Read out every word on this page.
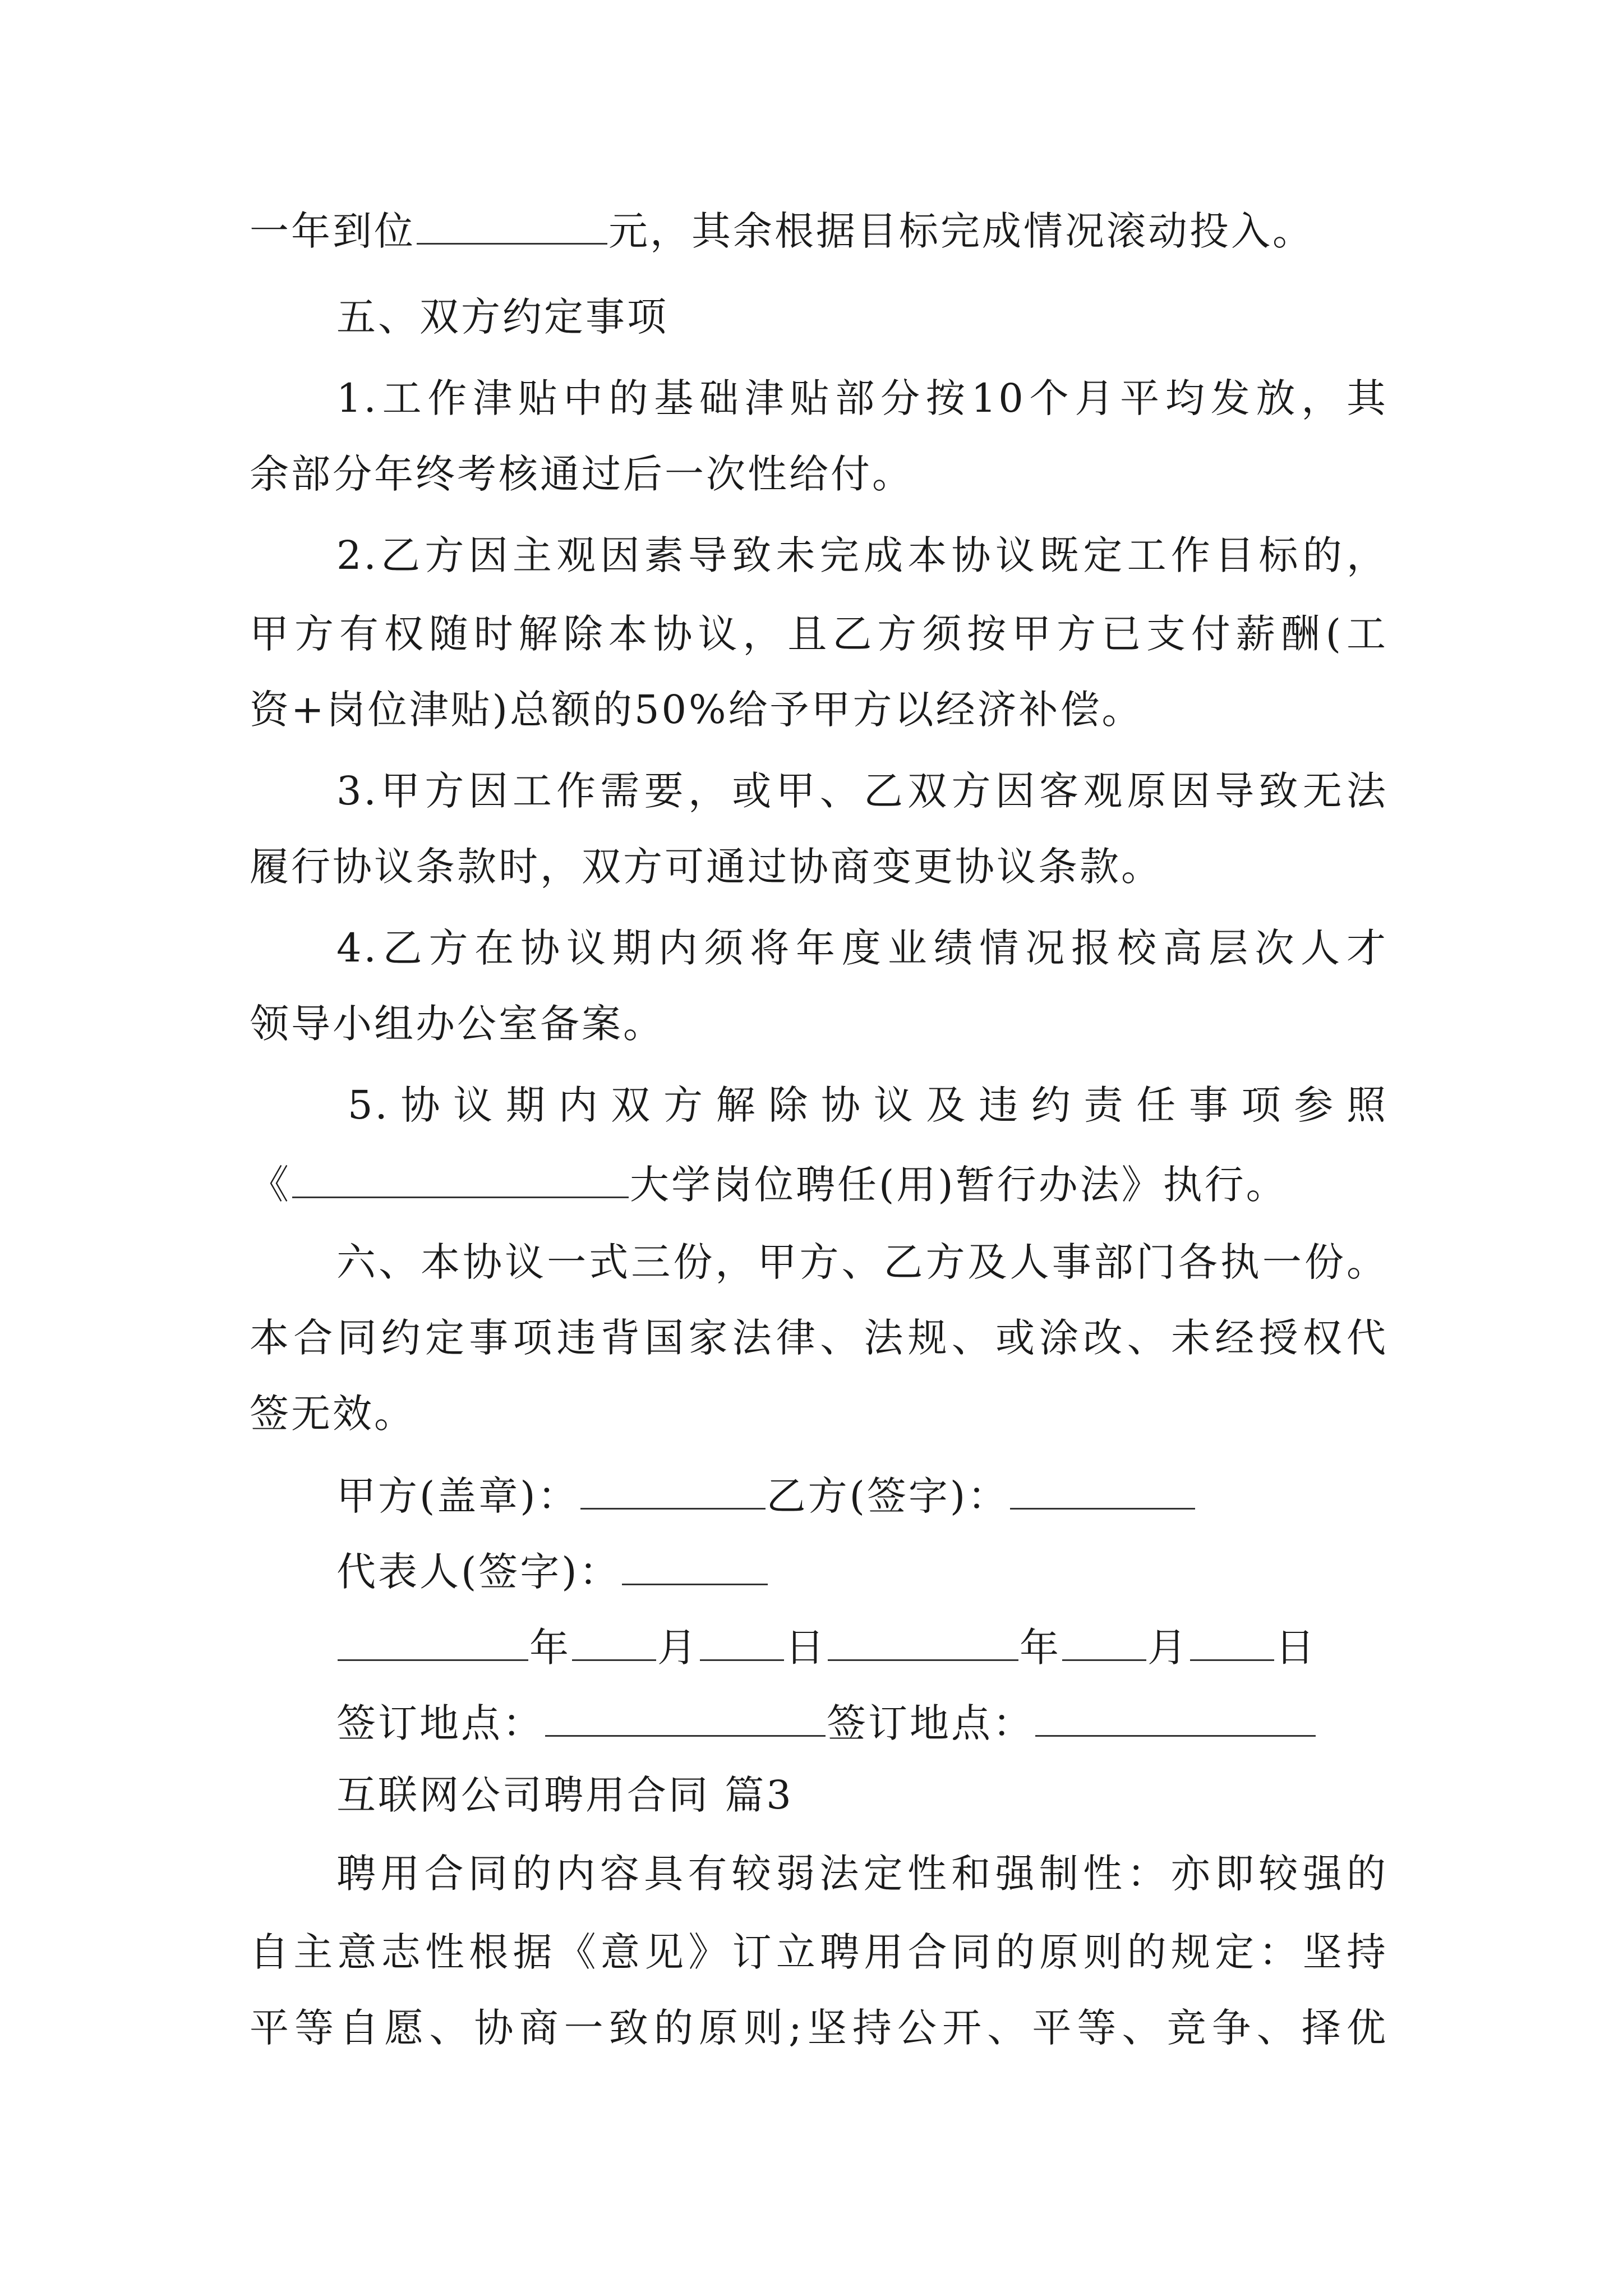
一年到位	元，其余根据目标完成情况滚动投入。
五、双方约定事项
1.工作津贴中的基础津贴部分按10个月平均发放，其
余部分年终考核通过后一次性给付。
2.乙方因主观因素导致未完成本协议既定工作目标的，
甲方有权随时解除本协议，且乙方须按甲方已支付薪酬(工
资+岗位津贴)总额的50%给予甲方以经济补偿。
3.甲方因工作需要，或甲、乙双方因客观原因导致无法
履行协议条款时，双方可通过协商变更协议条款。
4.乙方在协议期内须将年度业绩情况报校高层次人才
领导小组办公室备案。
5.协议期内双方解除协议及违约责任事项参照
《	大学岗位聘任(用)暂行办法》执行。
六、本协议一式三份，甲方、乙方及人事部门各执一份。
本合同约定事项违背国家法律、法规、或涂改、未经授权代
签无效。
甲方(盖章)：	乙方(签字)：
代表人(签字)：
年 月 日	年 月 日
签订地点：	签订地点：
互联网公司聘用合同 篇3
聘用合同的内容具有较弱法定性和强制性：亦即较强的
自主意志性根据《意见》订立聘用合同的原则的规定：坚持
平等自愿、协商一致的原则;坚持公开、平等、竞争、择优
